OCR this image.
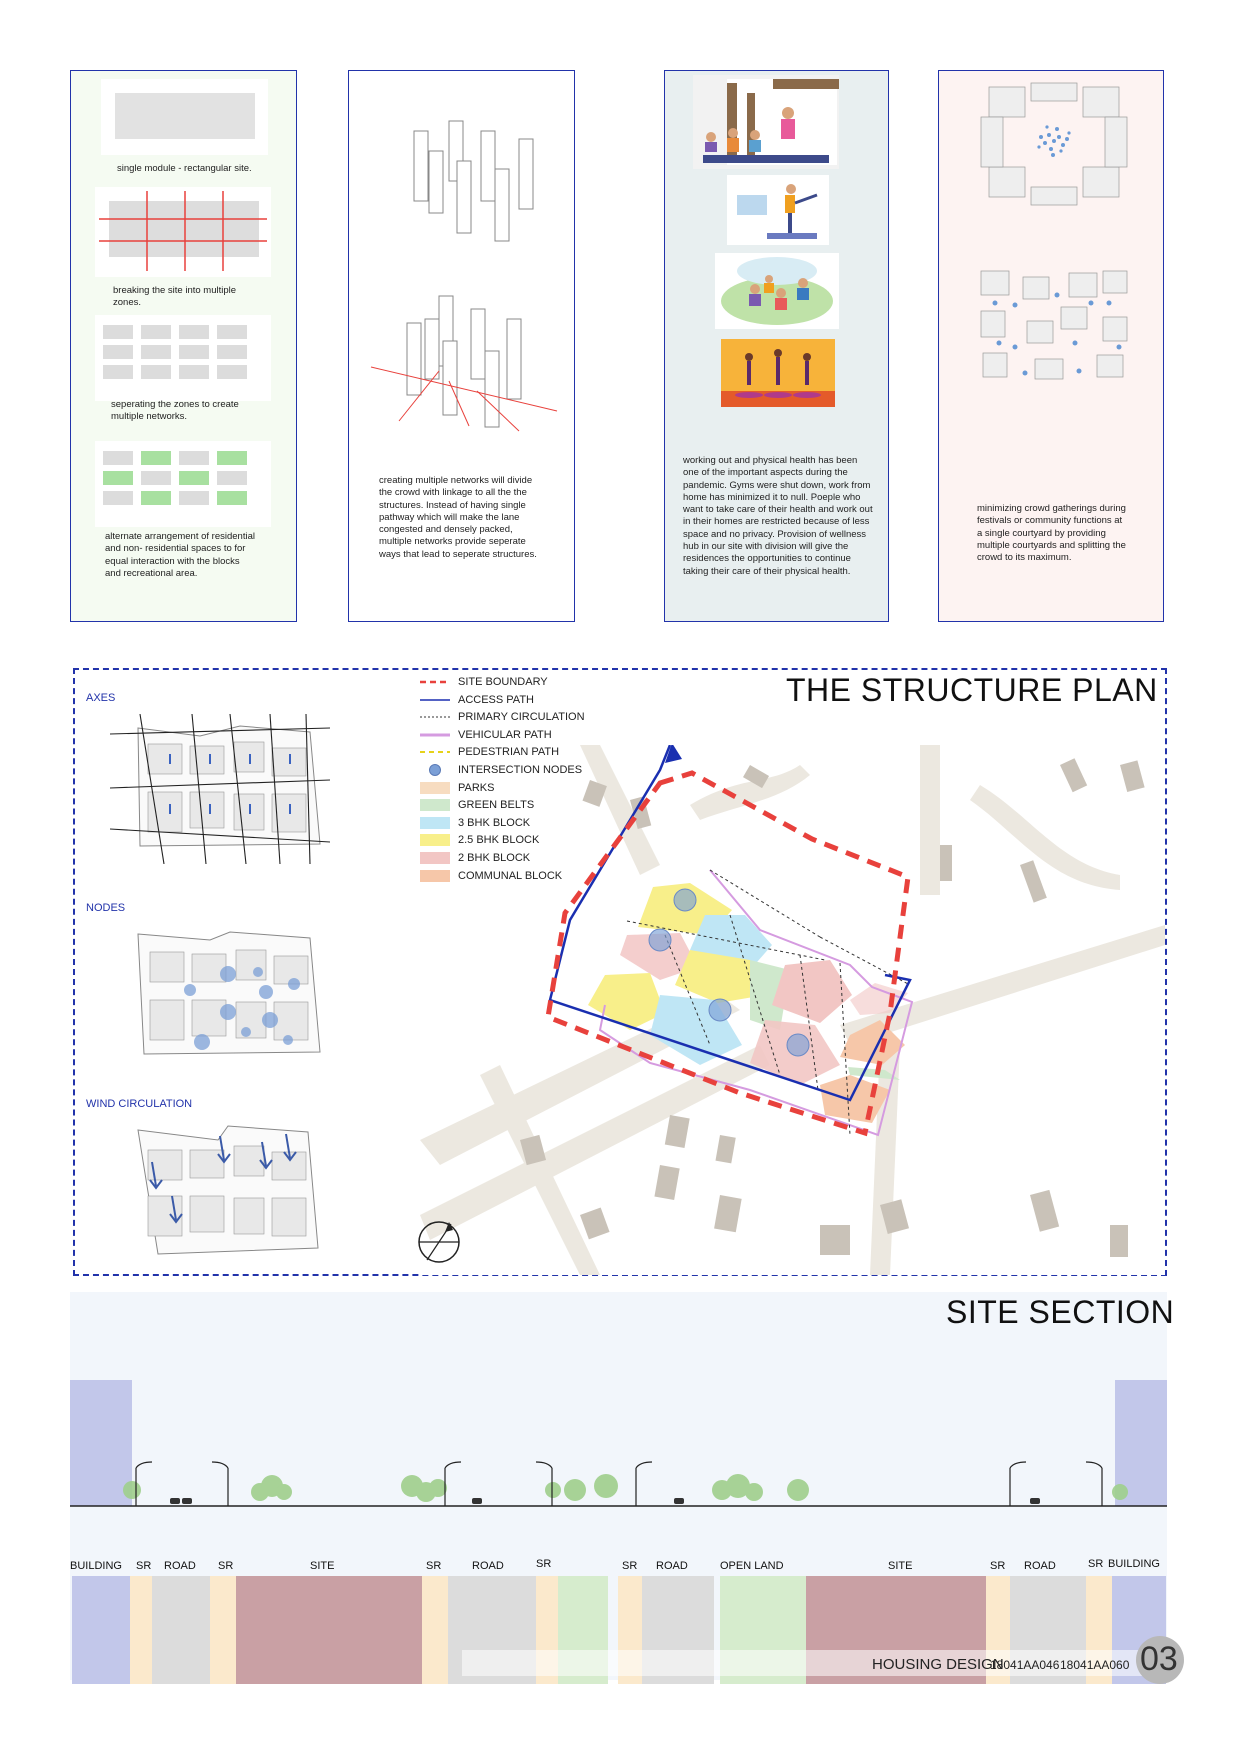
single module - rectangular site.
breaking the site into multiple zones.
seperating the zones to create multiple networks.
alternate arrangement of residential and non- residential spaces to for equal interaction with the blocks and recreational area.
creating multiple networks will divide the crowd with linkage to all the the structures. Instead of having single pathway which will make the lane congested and densely packed, multiple networks provide seperate ways that lead to seperate structures.
working out and physical health has been one of the important aspects during the pandemic. Gyms were shut down, work from home has minimized it to null. Poeple who want to take care of their health and work out in their homes are restricted because of less space and no privacy. Provision of wellness hub in our site with division will give the residences the opportunities to continue taking their care of their physical health.
minimizing crowd gatherings during festivals or community functions at a single courtyard by providing multiple courtyards and splitting the crowd to its maximum.
THE STRUCTURE PLAN
SITE BOUNDARY
ACCESS PATH
PRIMARY CIRCULATION
VEHICULAR PATH
PEDESTRIAN PATH
INTERSECTION NODES
PARKS
GREEN BELTS
3 BHK BLOCK
2.5 BHK BLOCK
2 BHK BLOCK
COMMUNAL BLOCK
AXES
NODES
WIND CIRCULATION
SITE SECTION
BUILDING SR ROAD SR	SITE	SR	ROAD	SR	SR ROAD	OPEN LAND	SITE	SR ROAD	SR BUILDING
HOUSING DESIGN
18041AA046 18041AA060 03
